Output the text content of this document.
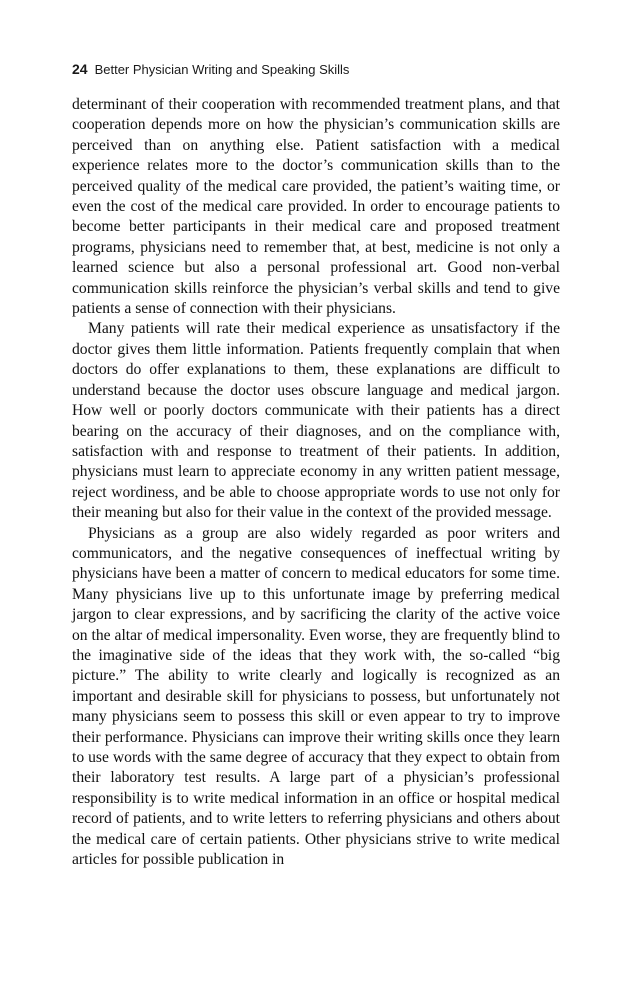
24 Better Physician Writing and Speaking Skills

determinant of their cooperation with recommended treatment plans, and that cooperation depends more on how the physician’s communication skills are perceived than on anything else. Patient satisfaction with a medical experience relates more to the doctor’s communication skills than to the perceived quality of the medical care provided, the patient’s waiting time, or even the cost of the medical care provided. In order to encourage patients to become better participants in their medical care and proposed treatment programs, physicians need to remember that, at best, medicine is not only a learned science but also a personal professional art. Good non-verbal communication skills reinforce the physician’s verbal skills and tend to give patients a sense of connection with their physicians.

Many patients will rate their medical experience as unsatisfactory if the doctor gives them little information. Patients frequently complain that when doctors do offer explanations to them, these explanations are difficult to understand because the doctor uses obscure language and medical jargon. How well or poorly doctors communicate with their patients has a direct bearing on the accuracy of their diagnoses, and on the compliance with, satisfaction with and response to treatment of their patients. In addition, physicians must learn to appreciate economy in any written patient message, reject wordiness, and be able to choose appropriate words to use not only for their meaning but also for their value in the context of the provided message.

Physicians as a group are also widely regarded as poor writers and communicators, and the negative consequences of ineffectual writing by physicians have been a matter of concern to medical educators for some time. Many physicians live up to this unfortunate image by preferring medical jargon to clear expressions, and by sacrificing the clarity of the active voice on the altar of medical impersonality. Even worse, they are frequently blind to the imaginative side of the ideas that they work with, the so-called “big picture.” The ability to write clearly and logically is recognized as an important and desirable skill for physicians to possess, but unfortunately not many physicians seem to possess this skill or even appear to try to improve their performance. Physicians can improve their writing skills once they learn to use words with the same degree of accuracy that they expect to obtain from their laboratory test results. A large part of a physician’s professional responsibility is to write medical information in an office or hospital medical record of patients, and to write letters to referring physicians and others about the medical care of certain patients. Other physicians strive to write medical articles for possible publication in
